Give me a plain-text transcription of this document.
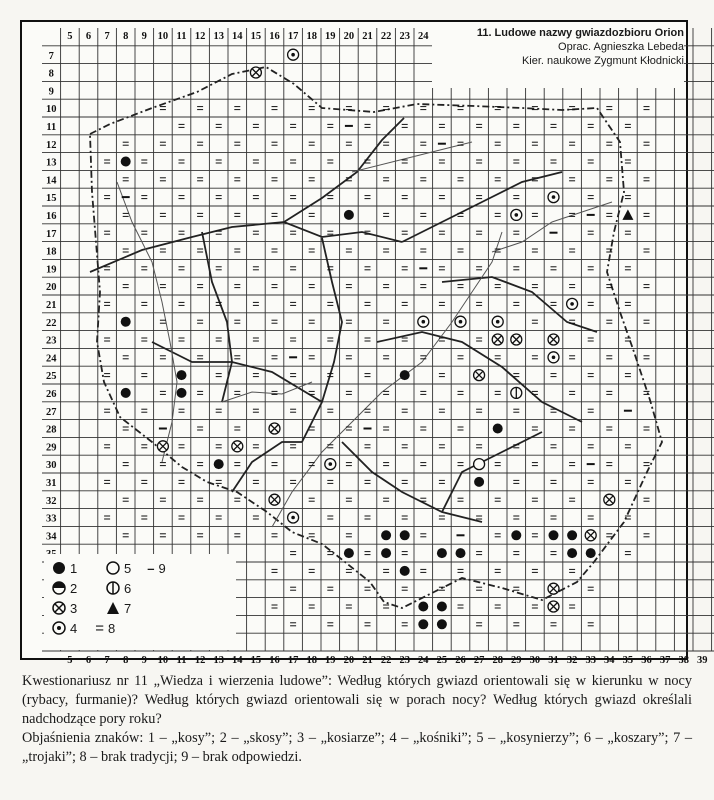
5 6 7 8 9 10 11 12 13 14 15 16 17 18 19 20 21 22 23 24
5 6 7 8 9 10 11 12 13 14 15 16 17 18 19 20 21 22 23 24 25 26 27 28 29 30 31 32 33 34 35 36 37 38 39
7
8
9
10
11
12
13
14
15
16
17
18
19
20
21
22
23
24
25
26
27
28
29
30
31
32
33
34
11. Ludowe nazwy gwiazdozbioru Orion
Oprac. Agnieszka Lebeda
Kier. naukowe Zygmunt Kłodnicki
1
2
3
4 = 8
5 – 9
6
7

Kwestionariusz nr 11 „Wiedza i wierzenia ludowe”: Według których gwiazd orientowali się w kierunku w nocy (rybacy, furmanie)? Według których gwiazd orientowali się w porach nocy? Według których gwiazd określali nadchodzące pory roku?

Objaśnienia znaków: 1 – „kosy”; 2 – „skosy”; 3 – „kosiarze”; 4 – „kośniki”; 5 – „kosynierzy”; 6 – „koszary”; 7 – „trojaki”; 8 – brak tradycji; 9 – brak odpowiedzi.
